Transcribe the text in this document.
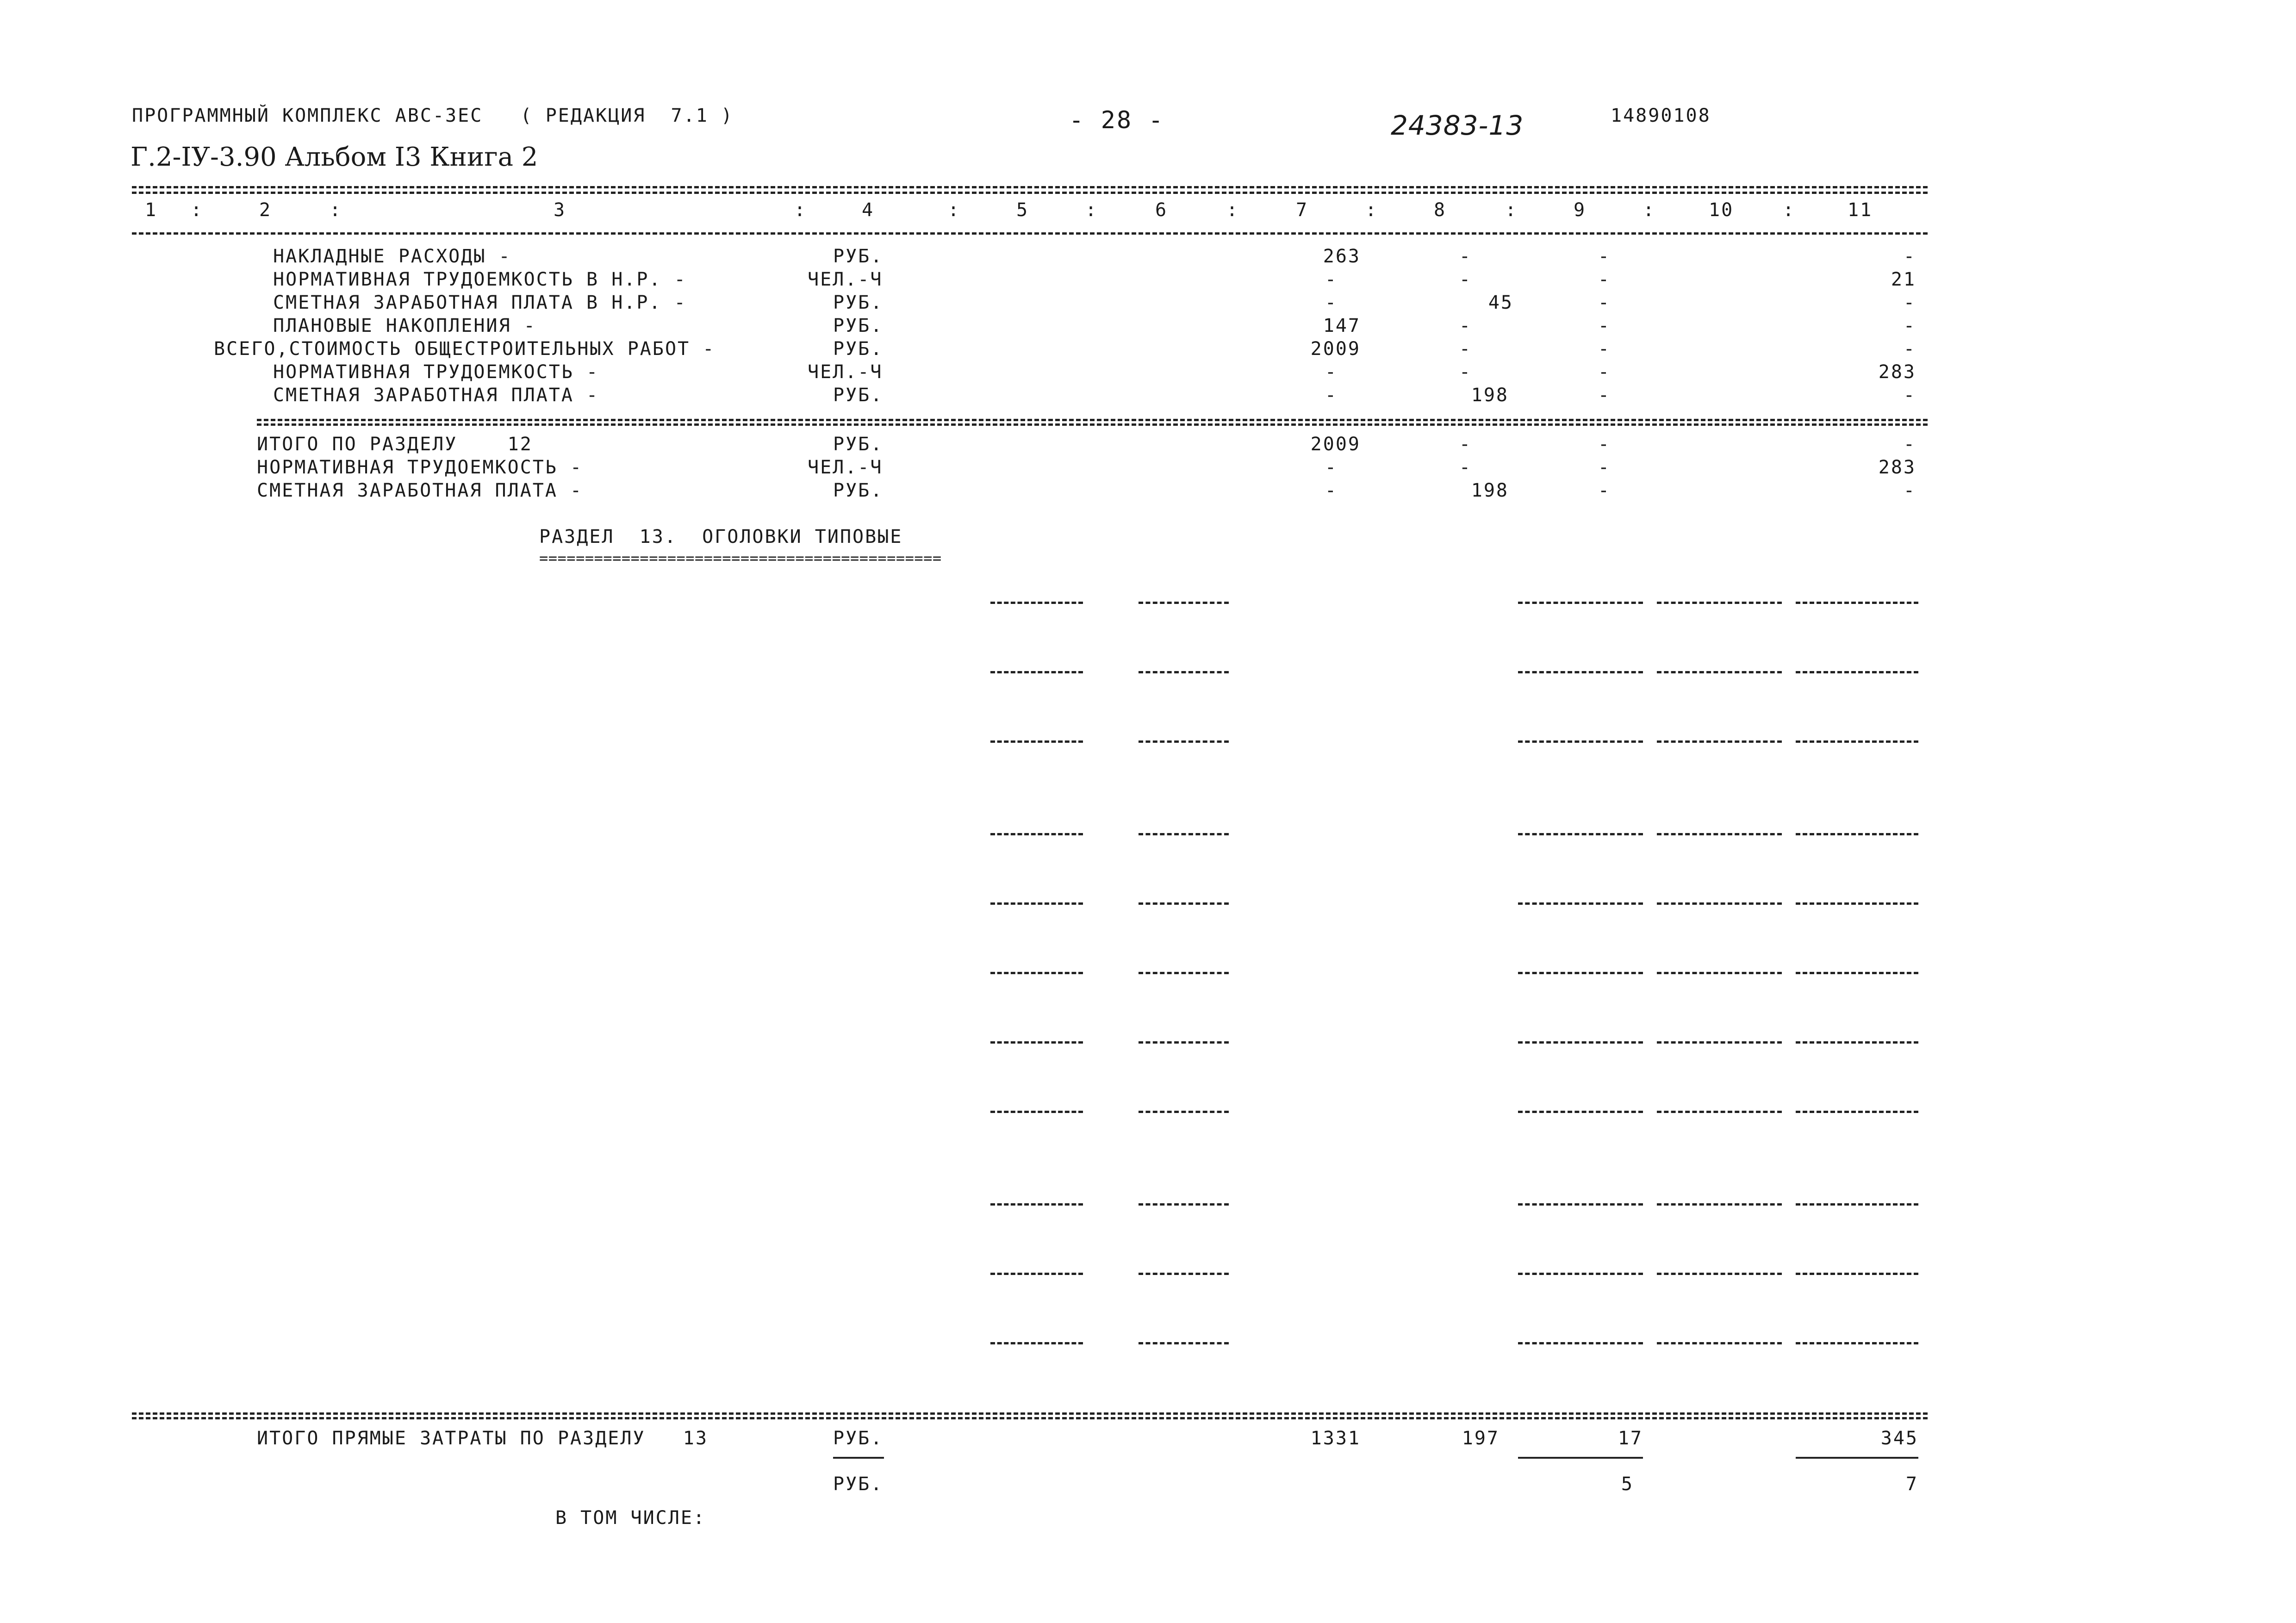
ПРОГРАММНЫЙ КОМПЛЕКС АВС-ЗЕС   ( РЕДАКЦИЯ  7.1 )	- 28 -	24383-13	14890108
Г.2-IУ-3.90 Альбом I3 Книга 2
1 :	2	:	3	:	4	:	5	:	6	:	7	:	8	:	9	:	10	:	11
НАКЛАДНЫЕ РАСХОДЫ -	РУБ.	263	-	-	-
НОРМАТИВНАЯ ТРУДОЕМКОСТЬ В Н.Р. -	ЧЕЛ.-Ч	-	-	-	21
СМЕТНАЯ ЗАРАБОТНАЯ ПЛАТА В Н.Р. -	РУБ.	-	45	-	-
ПЛАНОВЫЕ НАКОПЛЕНИЯ -	РУБ.	147	-	-	-
ВСЕГО,СТОИМОСТЬ ОБЩЕСТРОИТЕЛЬНЫХ РАБОТ -	РУБ.	2009	-	-	-
НОРМАТИВНАЯ ТРУДОЕМКОСТЬ -	ЧЕЛ.-Ч	-	-	-	283
СМЕТНАЯ ЗАРАБОТНАЯ ПЛАТА -	РУБ.	-	198	-	-
ИТОГО ПО РАЗДЕЛУ    12	РУБ.	2009	-	-	-
НОРМАТИВНАЯ ТРУДОЕМКОСТЬ -	ЧЕЛ.-Ч	-	-	-	283
СМЕТНАЯ ЗАРАБОТНАЯ ПЛАТА -	РУБ.	-	198	-	-
РАЗДЕЛ  13.  ОГОЛОВКИ ТИПОВЫЕ
============================================
ИТОГО ПРЯМЫЕ ЗАТРАТЫ ПО РАЗДЕЛУ   13	РУБ.	1331	197	17	345
РУБ.	5	7
В ТОМ ЧИСЛЕ:
